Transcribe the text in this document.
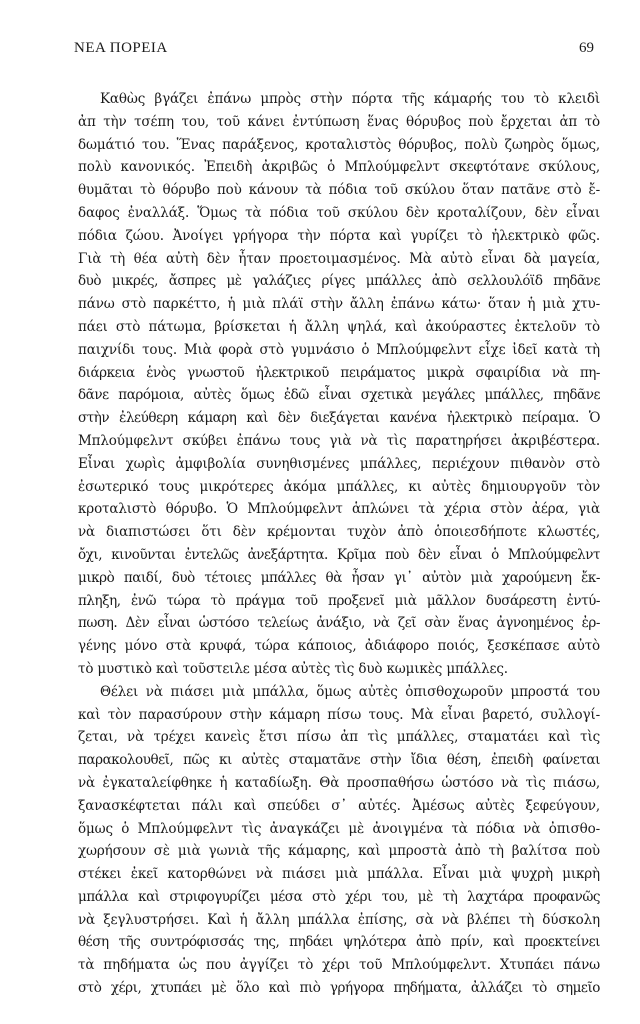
ΝΕΑ ΠΟΡΕΙΑ	69
Καθὼς βγάζει ἐπάνω μπρὸς στὴν πόρτα τῆς κάμαρής του τὸ κλειδὶ
ἀπ τὴν τσέπη του, τοῦ κάνει ἐντύπωση ἕνας θόρυβος ποὺ ἔρχεται ἀπ τὸ
δωμάτιό του. Ἕνας παράξενος, κροταλιστὸς θόρυβος, πολὺ ζωηρὸς ὅμως,
πολὺ κανονικός. Ἐπειδὴ ἀκριβῶς ὁ Μπλούμφελντ σκεφτότανε σκύλους,
θυμᾶται τὸ θόρυβο ποὺ κάνουν τὰ πόδια τοῦ σκύλου ὅταν πατᾶνε στὸ ἔ-
δαφος ἐναλλάξ. Ὅμως τὰ πόδια τοῦ σκύλου δὲν κροταλίζουν, δὲν εἶναι
πόδια ζώου. Ἀνοίγει γρήγορα τὴν πόρτα καὶ γυρίζει τὸ ἠλεκτρικὸ φῶς.
Γιὰ τὴ θέα αὐτὴ δὲν ἦταν προετοιμασμένος. Μὰ αὐτὸ εἶναι δὰ μαγεία,
δυὸ μικρές, ἄσπρες μὲ γαλάζιες ρίγες μπάλλες ἀπὸ σελλουλόϊδ πηδᾶνε
πάνω στὸ παρκέττο, ἡ μιὰ πλάϊ στὴν ἄλλη ἐπάνω κάτω· ὅταν ἡ μιὰ χτυ-
πάει στὸ πάτωμα, βρίσκεται ἡ ἄλλη ψηλά, καὶ ἀκούραστες ἐκτελοῦν τὸ
παιχνίδι τους. Μιὰ φορὰ στὸ γυμνάσιο ὁ Μπλούμφελντ εἶχε ἰδεῖ κατὰ τὴ
διάρκεια ἑνὸς γνωστοῦ ἠλεκτρικοῦ πειράματος μικρὰ σφαιρίδια νὰ πη-
δᾶνε παρόμοια, αὐτὲς ὅμως ἐδῶ εἶναι σχετικὰ μεγάλες μπάλλες, πηδᾶνε
στὴν ἐλεύθερη κάμαρη καὶ δὲν διεξάγεται κανένα ἠλεκτρικὸ πείραμα. Ὁ
Μπλούμφελντ σκύβει ἐπάνω τους γιὰ νὰ τὶς παρατηρήσει ἀκριβέστερα.
Εἶναι χωρὶς ἀμφιβολία συνηθισμένες μπάλλες, περιέχουν πιθανὸν στὸ
ἐσωτερικό τους μικρότερες ἀκόμα μπάλλες, κι αὐτὲς δημιουργοῦν τὸν
κροταλιστὸ θόρυβο. Ὁ Μπλούμφελντ ἁπλώνει τὰ χέρια στὸν ἀέρα, γιὰ
νὰ διαπιστώσει ὅτι δὲν κρέμονται τυχὸν ἀπὸ ὁποιεσδήποτε κλωστές,
ὄχι, κινοῦνται ἐντελῶς ἀνεξάρτητα. Κρῖμα ποὺ δὲν εἶναι ὁ Μπλούμφελντ
μικρὸ παιδί, δυὸ τέτοιες μπάλλες θὰ ἦσαν γι᾽ αὐτὸν μιὰ χαρούμενη ἔκ-
πληξη, ἐνῶ τώρα τὸ πράγμα τοῦ προξενεῖ μιὰ μᾶλλον δυσάρεστη ἐντύ-
πωση. Δὲν εἶναι ὡστόσο τελείως ἀνάξιο, νὰ ζεῖ σὰν ἕνας ἀγνοημένος ἐρ-
γένης μόνο στὰ κρυφά, τώρα κάποιος, ἀδιάφορο ποιός, ξεσκέπασε αὐτὸ
τὸ μυστικὸ καὶ τοῦστειλε μέσα αὐτὲς τὶς δυὸ κωμικὲς μπάλλες.
Θέλει νὰ πιάσει μιὰ μπάλλα, ὅμως αὐτὲς ὀπισθοχωροῦν μπροστά του
καὶ τὸν παρασύρουν στὴν κάμαρη πίσω τους. Μὰ εἶναι βαρετό, συλλογί-
ζεται, νὰ τρέχει κανεὶς ἔτσι πίσω ἀπ τὶς μπάλλες, σταματάει καὶ τὶς
παρακολουθεῖ, πῶς κι αὐτὲς σταματᾶνε στὴν ἴδια θέση, ἐπειδὴ φαίνεται
νὰ ἐγκαταλείφθηκε ἡ καταδίωξη. Θὰ προσπαθήσω ὡστόσο νὰ τὶς πιάσω,
ξανασκέφτεται πάλι καὶ σπεύδει σ᾽ αὐτές. Ἀμέσως αὐτὲς ξεφεύγουν,
ὅμως ὁ Μπλούμφελντ τὶς ἀναγκάζει μὲ ἀνοιγμένα τὰ πόδια νὰ ὀπισθο-
χωρήσουν σὲ μιὰ γωνιὰ τῆς κάμαρης, καὶ μπροστὰ ἀπὸ τὴ βαλίτσα ποὺ
στέκει ἐκεῖ κατορθώνει νὰ πιάσει μιὰ μπάλλα. Εἶναι μιὰ ψυχρὴ μικρὴ
μπάλλα καὶ στριφογυρίζει μέσα στὸ χέρι του, μὲ τὴ λαχτάρα προφανῶς
νὰ ξεγλυστρήσει. Καὶ ἡ ἄλλη μπάλλα ἐπίσης, σὰ νὰ βλέπει τὴ δύσκολη
θέση τῆς συντρόφισσάς της, πηδάει ψηλότερα ἀπὸ πρίν, καὶ προεκτείνει
τὰ πηδήματα ὡς που ἀγγίζει τὸ χέρι τοῦ Μπλούμφελντ. Χτυπάει πάνω
στὸ χέρι, χτυπάει μὲ ὅλο καὶ πιὸ γρήγορα πηδήματα, ἀλλάζει τὸ σημεῖο
